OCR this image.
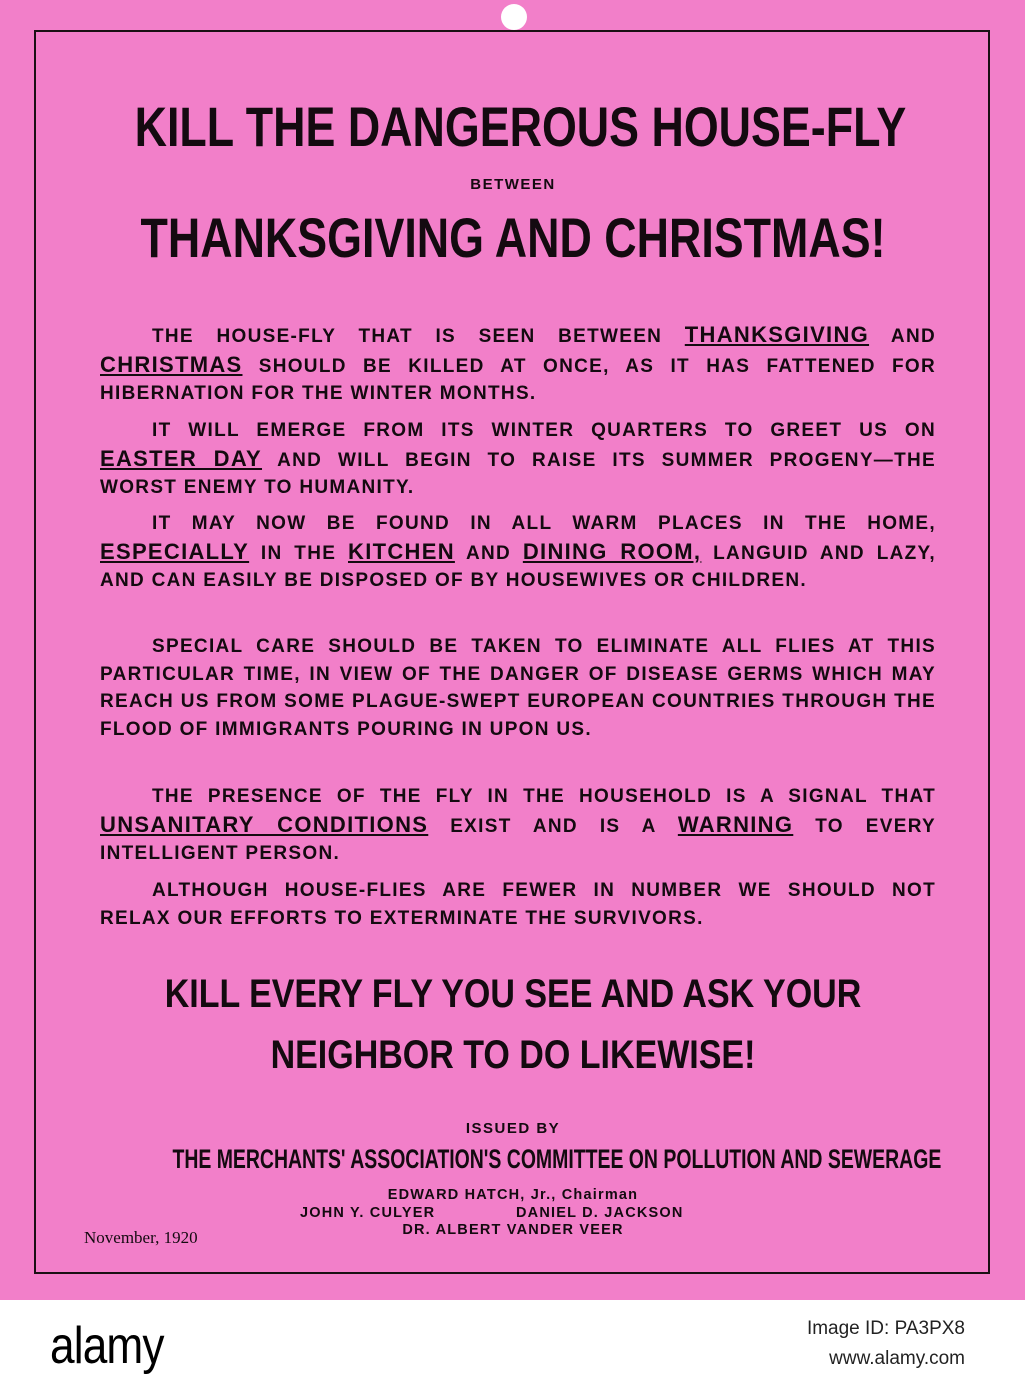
KILL THE DANGEROUS HOUSE-FLY

BETWEEN

THANKSGIVING AND CHRISTMAS!

THE HOUSE-FLY THAT IS SEEN BETWEEN THANKSGIVING AND CHRISTMAS SHOULD BE KILLED AT ONCE, AS IT HAS FATTENED FOR HIBERNATION FOR THE WINTER MONTHS.

IT WILL EMERGE FROM ITS WINTER QUARTERS TO GREET US ON EASTER DAY AND WILL BEGIN TO RAISE ITS SUMMER PROGENY—THE WORST ENEMY TO HUMANITY.

IT MAY NOW BE FOUND IN ALL WARM PLACES IN THE HOME, ESPECIALLY IN THE KITCHEN AND DINING ROOM, LANGUID AND LAZY, AND CAN EASILY BE DISPOSED OF BY HOUSEWIVES OR CHILDREN.

SPECIAL CARE SHOULD BE TAKEN TO ELIMINATE ALL FLIES AT THIS PARTICULAR TIME, IN VIEW OF THE DANGER OF DISEASE GERMS WHICH MAY REACH US FROM SOME PLAGUE-SWEPT EUROPEAN COUNTRIES THROUGH THE FLOOD OF IMMIGRANTS POURING IN UPON US.

THE PRESENCE OF THE FLY IN THE HOUSEHOLD IS A SIGNAL THAT UNSANITARY CONDITIONS EXIST AND IS A WARNING TO EVERY INTELLIGENT PERSON.

ALTHOUGH HOUSE-FLIES ARE FEWER IN NUMBER WE SHOULD NOT RELAX OUR EFFORTS TO EXTERMINATE THE SURVIVORS.

KILL EVERY FLY YOU SEE AND ASK YOUR

NEIGHBOR TO DO LIKEWISE!

ISSUED BY

THE MERCHANTS' ASSOCIATION'S COMMITTEE ON POLLUTION AND SEWERAGE

EDWARD HATCH, Jr., Chairman

JOHN Y. CULYER	DANIEL D. JACKSON

DR. ALBERT VANDER VEER

November, 1920

alamy	Image ID: PA3PX8
www.alamy.com
